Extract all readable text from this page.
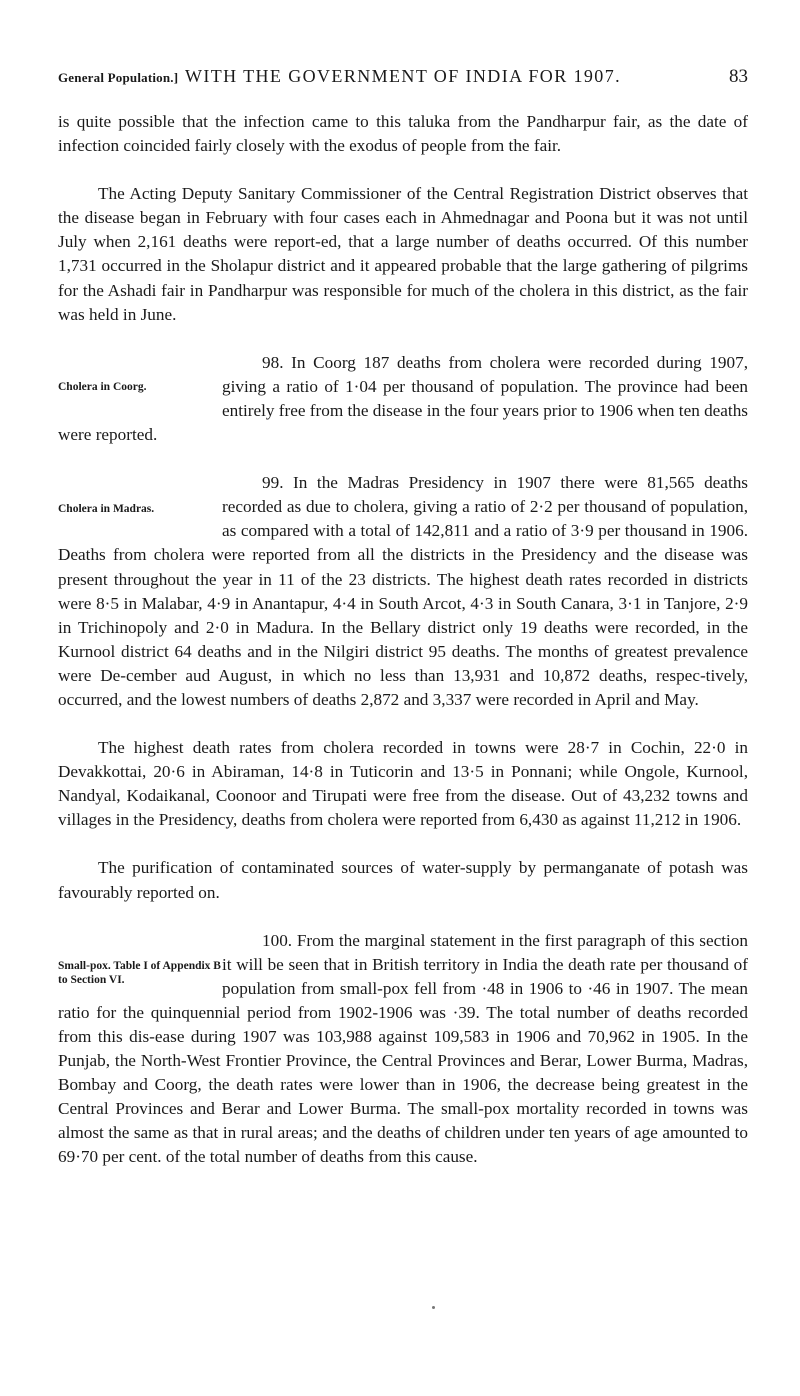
General Population.] WITH THE GOVERNMENT OF INDIA FOR 1907.	83

is quite possible that the infection came to this taluka from the Pandharpur fair, as the date of infection coincided fairly closely with the exodus of people from the fair.

The Acting Deputy Sanitary Commissioner of the Central Registration District observes that the disease began in February with four cases each in Ahmednagar and Poona but it was not until July when 2,161 deaths were report-ed, that a large number of deaths occurred. Of this number 1,731 occurred in the Sholapur district and it appeared probable that the large gathering of pilgrims for the Ashadi fair in Pandharpur was responsible for much of the cholera in this district, as the fair was held in June.

Cholera in Coorg.

98. In Coorg 187 deaths from cholera were recorded during 1907, giving a ratio of 1·04 per thousand of population. The province had been entirely free from the disease in the four years prior to 1906 when ten deaths were reported.

Cholera in Madras.

99. In the Madras Presidency in 1907 there were 81,565 deaths recorded as due to cholera, giving a ratio of 2·2 per thousand of population, as compared with a total of 142,811 and a ratio of 3·9 per thousand in 1906. Deaths from cholera were reported from all the districts in the Presidency and the disease was present throughout the year in 11 of the 23 districts. The highest death rates recorded in districts were 8·5 in Malabar, 4·9 in Anantapur, 4·4 in South Arcot, 4·3 in South Canara, 3·1 in Tanjore, 2·9 in Trichinopoly and 2·0 in Madura. In the Bellary district only 19 deaths were recorded, in the Kurnool district 64 deaths and in the Nilgiri district 95 deaths. The months of greatest prevalence were De-cember aud August, in which no less than 13,931 and 10,872 deaths, respec-tively, occurred, and the lowest numbers of deaths 2,872 and 3,337 were recorded in April and May.

The highest death rates from cholera recorded in towns were 28·7 in Cochin, 22·0 in Devakkottai, 20·6 in Abiraman, 14·8 in Tuticorin and 13·5 in Ponnani; while Ongole, Kurnool, Nandyal, Kodaikanal, Coonoor and Tirupati were free from the disease. Out of 43,232 towns and villages in the Presidency, deaths from cholera were reported from 6,430 as against 11,212 in 1906.

The purification of contaminated sources of water-supply by permanganate of potash was favourably reported on.

Small-pox. Table I of Appendix B to Section VI.

100. From the marginal statement in the first paragraph of this section it will be seen that in British territory in India the death rate per thousand of population from small-pox fell from ·48 in 1906 to ·46 in 1907. The mean ratio for the quinquennial period from 1902-1906 was ·39. The total number of deaths recorded from this dis-ease during 1907 was 103,988 against 109,583 in 1906 and 70,962 in 1905. In the Punjab, the North-West Frontier Province, the Central Provinces and Berar, Lower Burma, Madras, Bombay and Coorg, the death rates were lower than in 1906, the decrease being greatest in the Central Provinces and Berar and Lower Burma. The small-pox mortality recorded in towns was almost the same as that in rural areas; and the deaths of children under ten years of age amounted to 69·70 per cent. of the total number of deaths from this cause.
